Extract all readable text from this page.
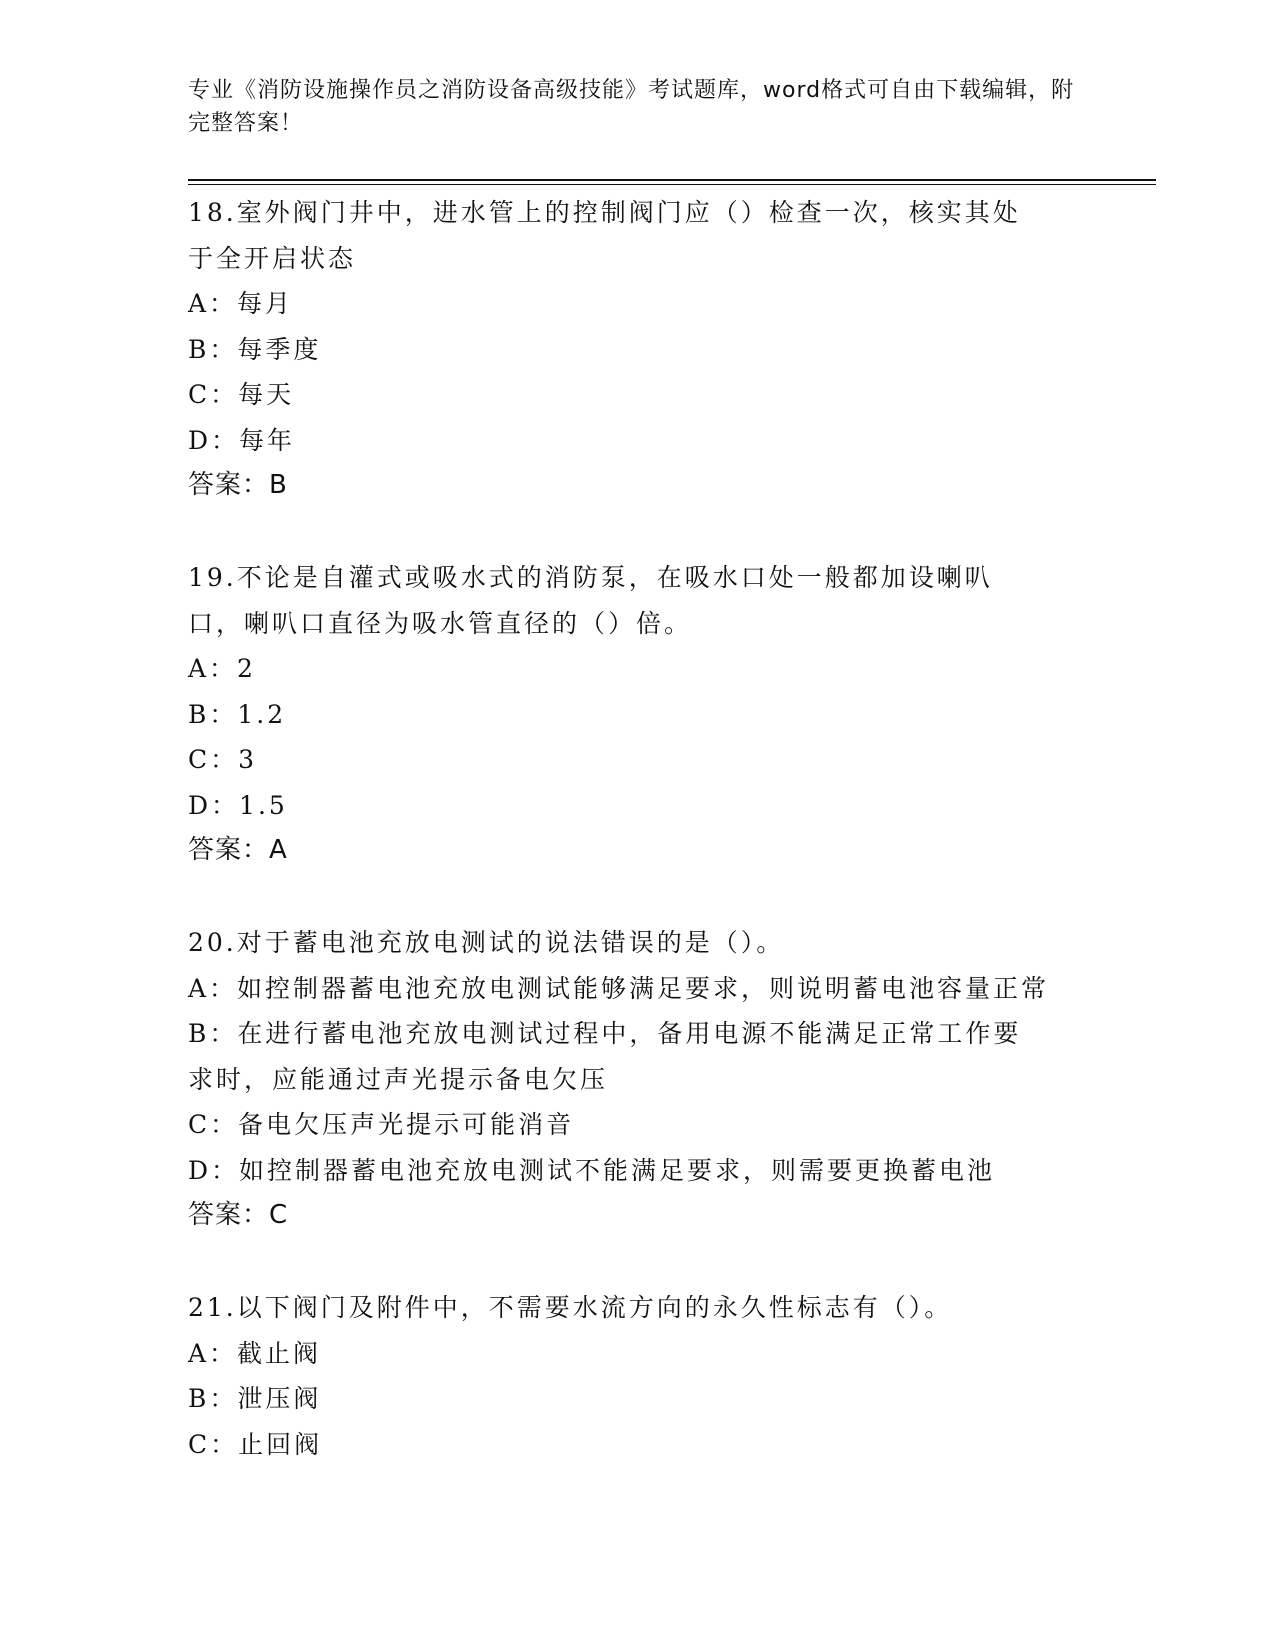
专业《消防设施操作员之消防设备高级技能》考试题库，word格式可自由下载编辑，附完整答案！
18.室外阀门井中，进水管上的控制阀门应（）检查一次，核实其处于全开启状态
A：每月
B：每季度
C：每天
D：每年
答案：B
19.不论是自灌式或吸水式的消防泵，在吸水口处一般都加设喇叭口，喇叭口直径为吸水管直径的（）倍。
A：2
B：1.2
C：3
D：1.5
答案：A
20.对于蓄电池充放电测试的说法错误的是（）。
A：如控制器蓄电池充放电测试能够满足要求，则说明蓄电池容量正常
B：在进行蓄电池充放电测试过程中，备用电源不能满足正常工作要求时，应能通过声光提示备电欠压
C：备电欠压声光提示可能消音
D：如控制器蓄电池充放电测试不能满足要求，则需要更换蓄电池
答案：C
21.以下阀门及附件中，不需要水流方向的永久性标志有（）。
A：截止阀
B：泄压阀
C：止回阀
